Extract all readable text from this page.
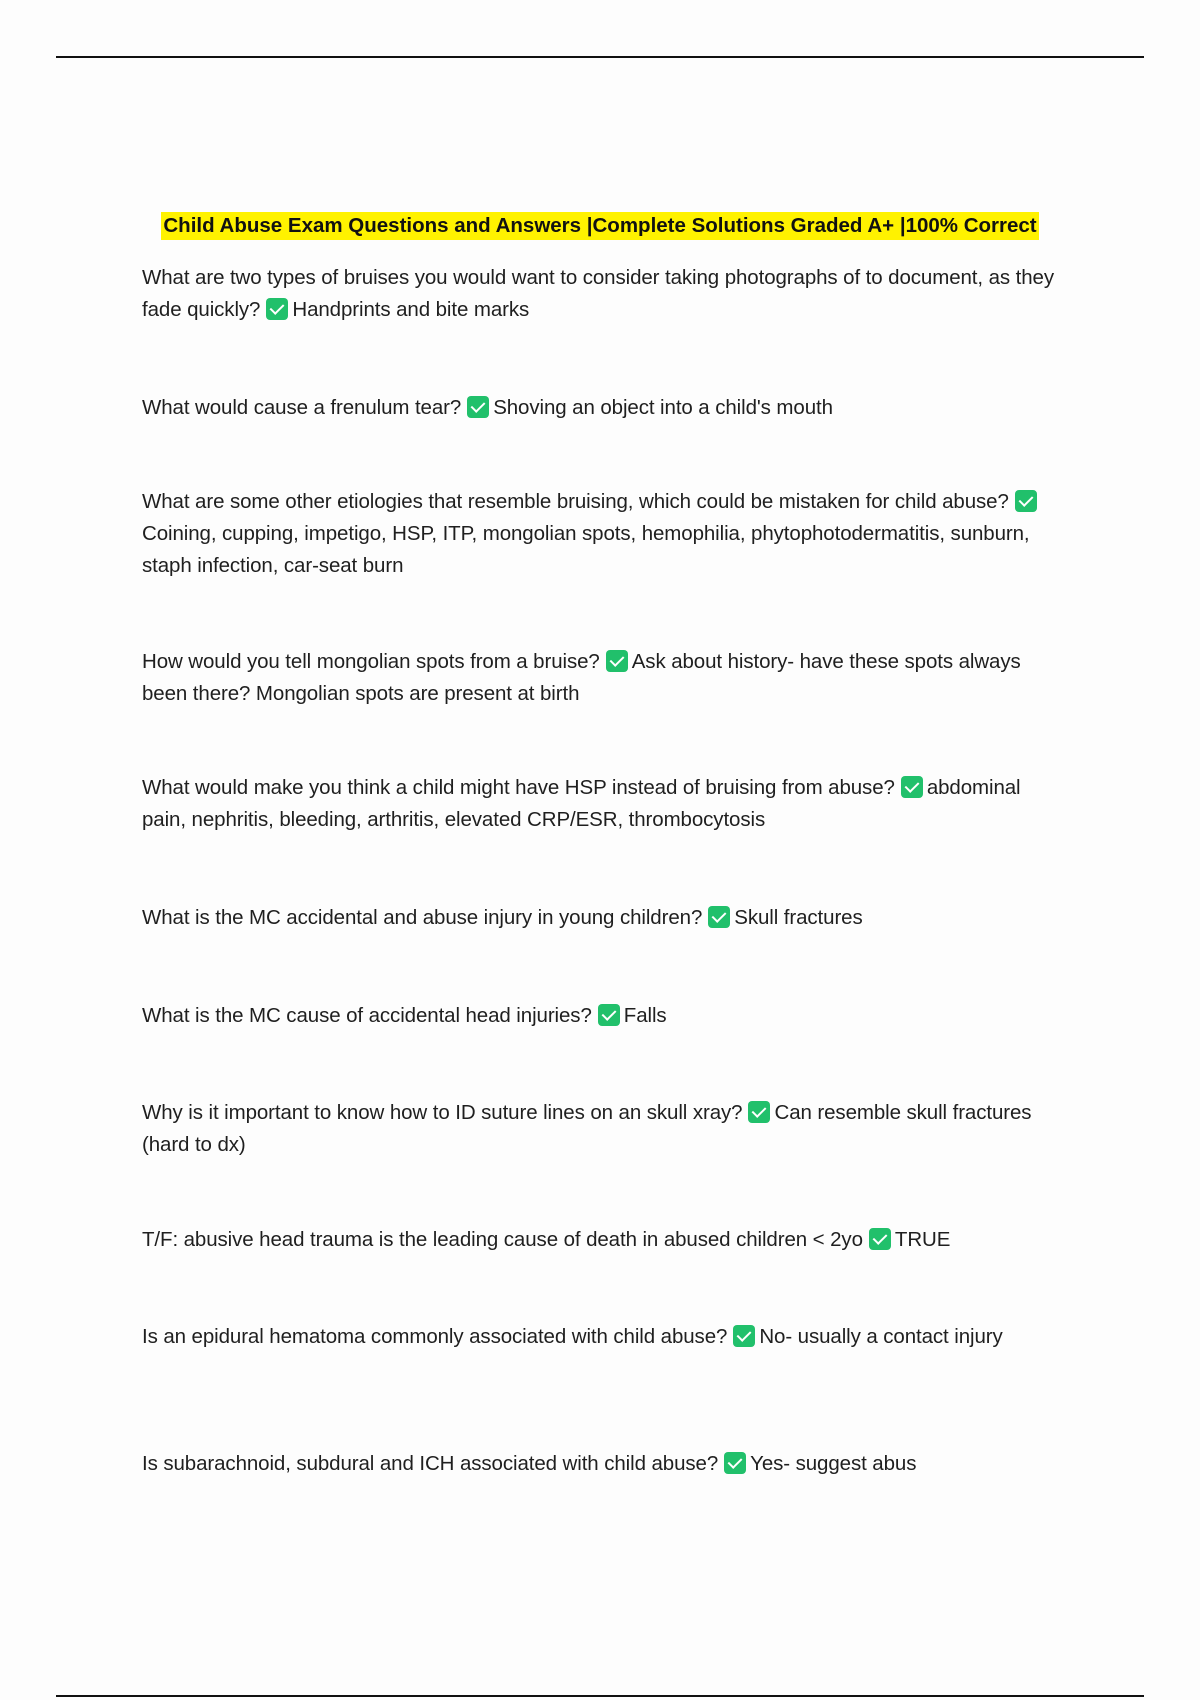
Child Abuse Exam Questions and Answers |Complete Solutions Graded A+ |100% Correct

What are two types of bruises you would want to consider taking photographs of to document, as they fade quickly? Handprints and bite marks

What would cause a frenulum tear? Shoving an object into a child's mouth

What are some other etiologies that resemble bruising, which could be mistaken for child abuse?Coining, cupping, impetigo, HSP, ITP, mongolian spots, hemophilia, phytophotodermatitis, sunburn, staph infection, car-seat burn

How would you tell mongolian spots from a bruise? Ask about history- have these spots always been there? Mongolian spots are present at birth

What would make you think a child might have HSP instead of bruising from abuse? abdominal pain, nephritis, bleeding, arthritis, elevated CRP/ESR, thrombocytosis

What is the MC accidental and abuse injury in young children? Skull fractures

What is the MC cause of accidental head injuries? Falls

Why is it important to know how to ID suture lines on an skull xray? Can resemble skull fractures (hard to dx)

T/F: abusive head trauma is the leading cause of death in abused children < 2yo TRUE

Is an epidural hematoma commonly associated with child abuse? No- usually a contact injury

Is subarachnoid, subdural and ICH associated with child abuse? Yes- suggest abus
